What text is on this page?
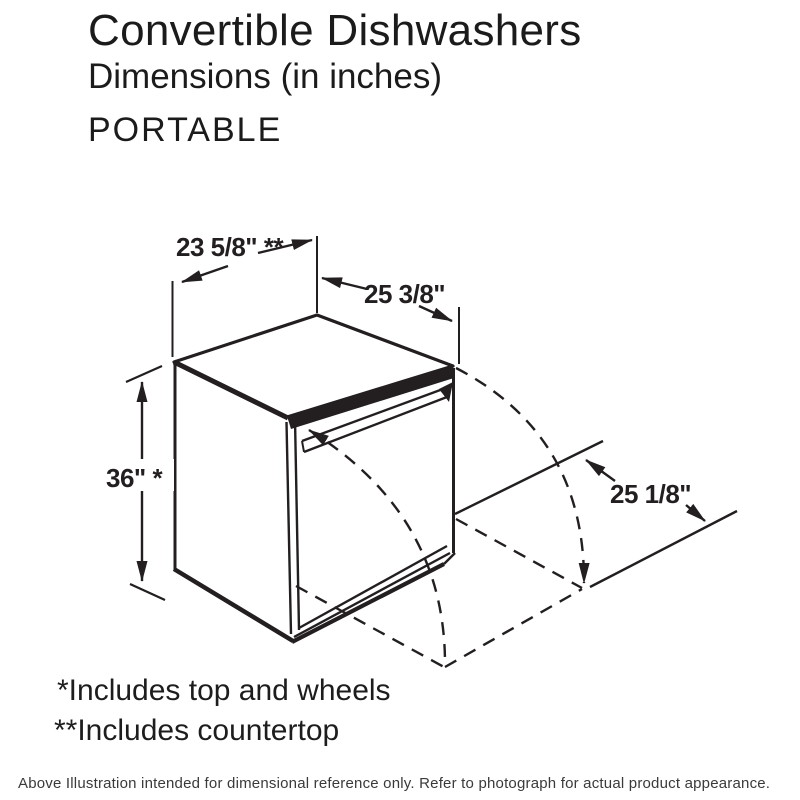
Convertible Dishwashers
Dimensions (in inches)
PORTABLE
23 5/8" **
25 3/8"
36" *
25 1/8"
*Includes top and wheels
**Includes countertop
Above Illustration intended for dimensional reference only. Refer to photograph for actual product appearance.
